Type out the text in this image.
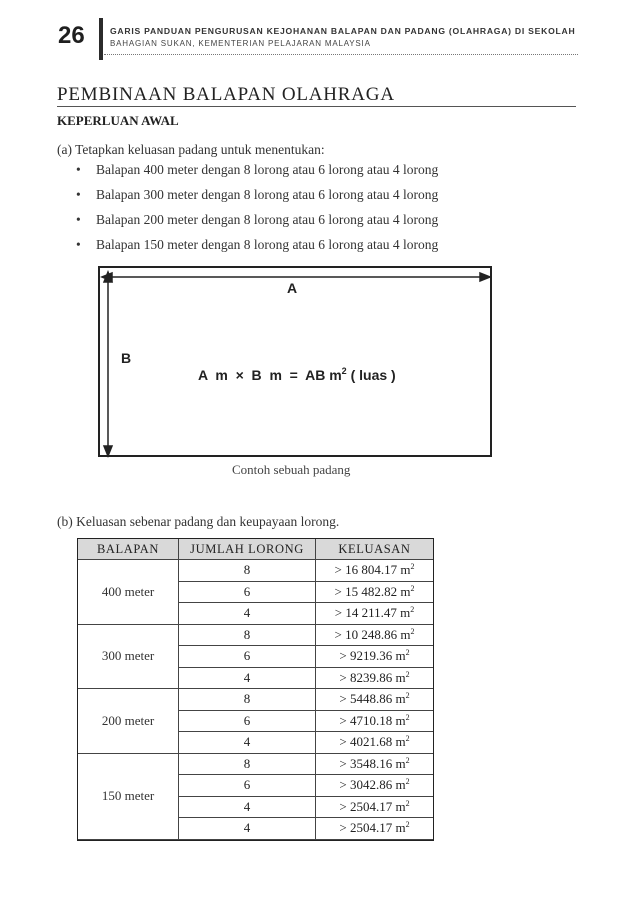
26	GARIS PANDUAN PENGURUSAN KEJOHANAN BALAPAN DAN PADANG (OLAHRAGA) DI SEKOLAH
BAHAGIAN SUKAN, KEMENTERIAN PELAJARAN MALAYSIA
PEMBINAAN BALAPAN OLAHRAGA
KEPERLUAN AWAL
(a) Tetapkan keluasan padang untuk menentukan:
• Balapan 400 meter dengan 8 lorong atau 6 lorong atau 4 lorong
• Balapan 300 meter dengan 8 lorong atau 6 lorong atau 4 lorong
• Balapan 200 meter dengan 8 lorong atau 6 lorong atau 4 lorong
• Balapan 150 meter dengan 8 lorong atau 6 lorong atau 4 lorong
A
B
A  m  ×  B  m  =  AB $m^2$ ( luas )
Contoh sebuah padang
(b) Keluasan sebenar padang dan keupayaan lorong.
BALAPAN	JUMLAH LORONG	KELUASAN
400 meter	8	> 16 804.17 $m^2$
	6	> 15 482.82 $m^2$
	4	> 14 211.47 $m^2$
300 meter	8	> 10 248.86 $m^2$
	6	> 9219.36 $m^2$
	4	> 8239.86 $m^2$
200 meter	8	> 5448.86 $m^2$
	6	> 4710.18 $m^2$
	4	> 4021.68 $m^2$
150 meter	8	> 3548.16 $m^2$
	6	> 3042.86 $m^2$
	4	> 2504.17 $m^2$
	4	> 2504.17 $m^2$
